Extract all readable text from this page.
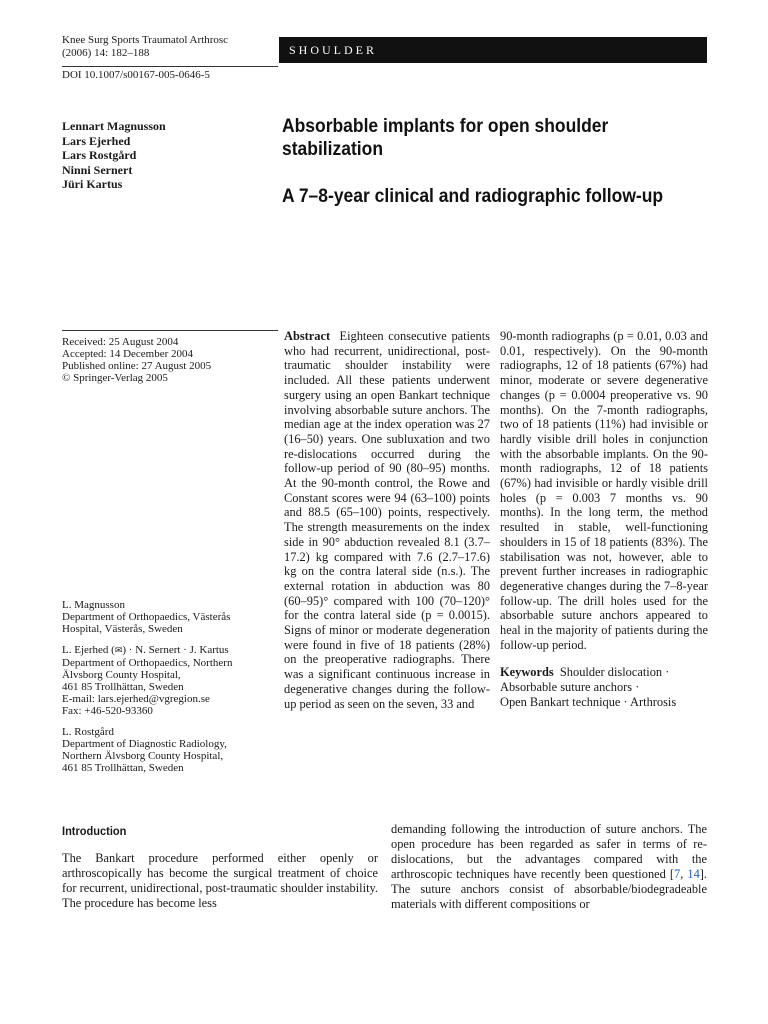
Knee Surg Sports Traumatol Arthrosc
(2006) 14: 182–188	SHOULDER
DOI 10.1007/s00167-005-0646-5
Lennart Magnusson
Lars Ejerhed
Lars Rostgård
Ninni Sernert
Jüri Kartus
Absorbable implants for open shoulder stabilization
A 7–8-year clinical and radiographic follow-up
Received: 25 August 2004
Accepted: 14 December 2004
Published online: 27 August 2005
© Springer-Verlag 2005
L. Magnusson
Department of Orthopaedics, Västerås
Hospital, Västerås, Sweden
L. Ejerhed (✉) · N. Sernert · J. Kartus
Department of Orthopaedics, Northern
Älvsborg County Hospital,
461 85 Trollhättan, Sweden
E-mail: lars.ejerhed@vgregion.se
Fax: +46-520-93360
L. Rostgård
Department of Diagnostic Radiology,
Northern Älvsborg County Hospital,
461 85 Trollhättan, Sweden
Abstract Eighteen consecutive patients who had recurrent, unidirectional, post-traumatic shoulder instability were included. All these patients underwent surgery using an open Bankart technique involving absorbable suture anchors. The median age at the index operation was 27 (16–50) years. One subluxation and two re-dislocations occurred during the follow-up period of 90 (80–95) months. At the 90-month control, the Rowe and Constant scores were 94 (63–100) points and 88.5 (65–100) points, respectively. The strength measurements on the index side in 90° abduction revealed 8.1 (3.7–17.2) kg compared with 7.6 (2.7–17.6) kg on the contra lateral side (n.s.). The external rotation in abduction was 80 (60–95)° compared with 100 (70–120)° for the contra lateral side (p = 0.0015). Signs of minor or moderate degeneration were found in five of 18 patients (28%) on the preoperative radiographs. There was a significant continuous increase in degenerative changes during the follow-up period as seen on the seven, 33 and
90-month radiographs (p = 0.01, 0.03 and 0.01, respectively). On the 90-month radiographs, 12 of 18 patients (67%) had minor, moderate or severe degenerative changes (p = 0.0004 preoperative vs. 90 months). On the 7-month radiographs, two of 18 patients (11%) had invisible or hardly visible drill holes in conjunction with the absorbable implants. On the 90-month radiographs, 12 of 18 patients (67%) had invisible or hardly visible drill holes (p = 0.003 7 months vs. 90 months). In the long term, the method resulted in stable, well-functioning shoulders in 15 of 18 patients (83%). The stabilisation was not, however, able to prevent further increases in radiographic degenerative changes during the 7–8-year follow-up. The drill holes used for the absorbable suture anchors appeared to heal in the majority of patients during the follow-up period.
Keywords Shoulder dislocation ·
Absorbable suture anchors ·
Open Bankart technique · Arthrosis
Introduction
The Bankart procedure performed either openly or arthroscopically has become the surgical treatment of choice for recurrent, unidirectional, post-traumatic shoulder instability. The procedure has become less
demanding following the introduction of suture anchors. The open procedure has been regarded as safer in terms of re-dislocations, but the advantages compared with the arthroscopic techniques have recently been questioned [7, 14]. The suture anchors consist of absorbable/biodegradeable materials with different compositions or
